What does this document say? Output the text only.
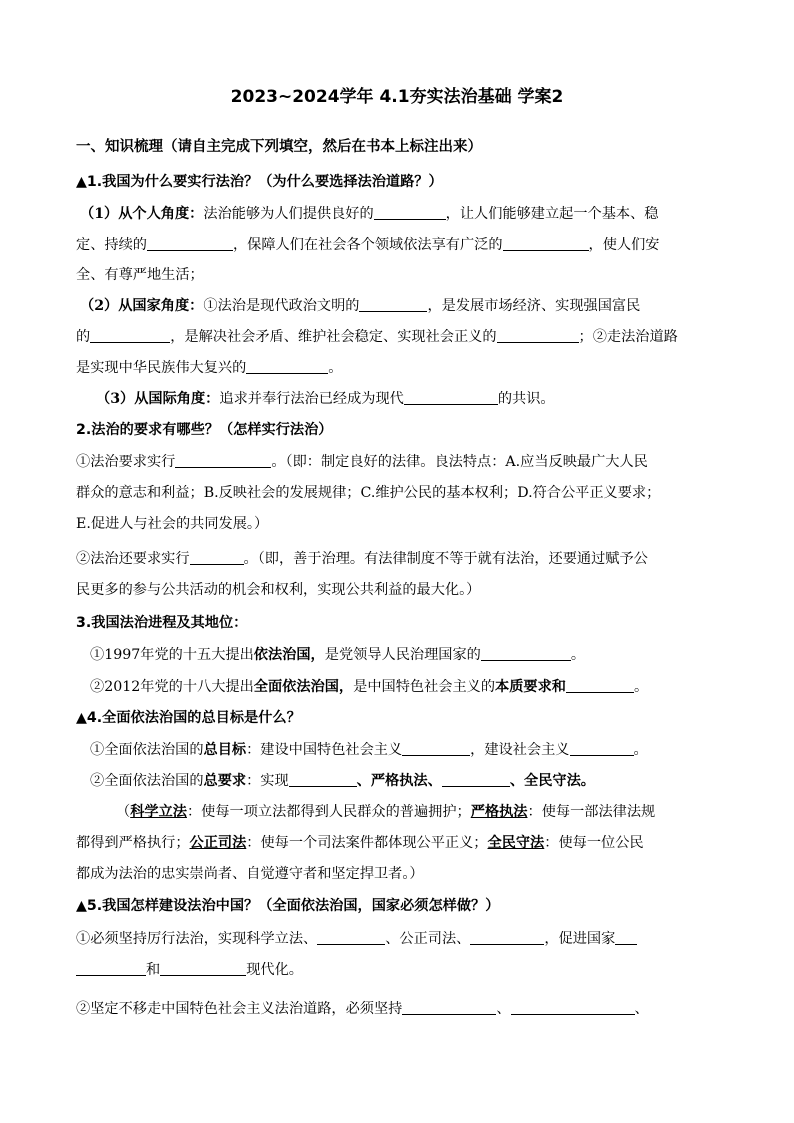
2023~2024学年 4.1夯实法治基础 学案2
一、知识梳理（请自主完成下列填空，然后在书本上标注出来）
▲1.我国为什么要实行法治？（为什么要选择法治道路？）
（1）从个人角度：法治能够为人们提供良好的	，让人们能够建立起一个基本、稳
定、持续的	，保障人们在社会各个领域依法享有广泛的	，使人们安
全、有尊严地生活；
（2）从国家角度：①法治是现代政治文明的	，是发展市场经济、实现强国富民
的	，是解决社会矛盾、维护社会稳定、实现社会正义的	；②走法治道路
是实现中华民族伟大复兴的	。
（3）从国际角度：追求并奉行法治已经成为现代	的共识。
2.法治的要求有哪些？（怎样实行法治）
①法治要求实行	。（即：制定良好的法律。良法特点：A.应当反映最广大人民
群众的意志和利益；B.反映社会的发展规律；C.维护公民的基本权利；D.符合公平正义要求；
E.促进人与社会的共同发展。）
②法治还要求实行	。（即，善于治理。有法律制度不等于就有法治，还要通过赋予公
民更多的参与公共活动的机会和权利，实现公共利益的最大化。）
3.我国法治进程及其地位：
①1997年党的十五大提出依法治国，是党领导人民治理国家的	。
②2012年党的十八大提出全面依法治国，是中国特色社会主义的本质要求和	。
▲4.全面依法治国的总目标是什么？
①全面依法治国的总目标：建设中国特色社会主义	，建设社会主义	。
②全面依法治国的总要求：实现	、严格执法、	、全民守法。
（科学立法：使每一项立法都得到人民群众的普遍拥护；严格执法：使每一部法律法规
都得到严格执行；公正司法：使每一个司法案件都体现公平正义；全民守法：使每一位公民
都成为法治的忠实崇尚者、自觉遵守者和坚定捍卫者。）
▲5.我国怎样建设法治中国？（全面依法治国，国家必须怎样做？）
①必须坚持厉行法治，实现科学立法、	、公正司法、	，促进国家
和	现代化。
②坚定不移走中国特色社会主义法治道路，必须坚持	、	、
